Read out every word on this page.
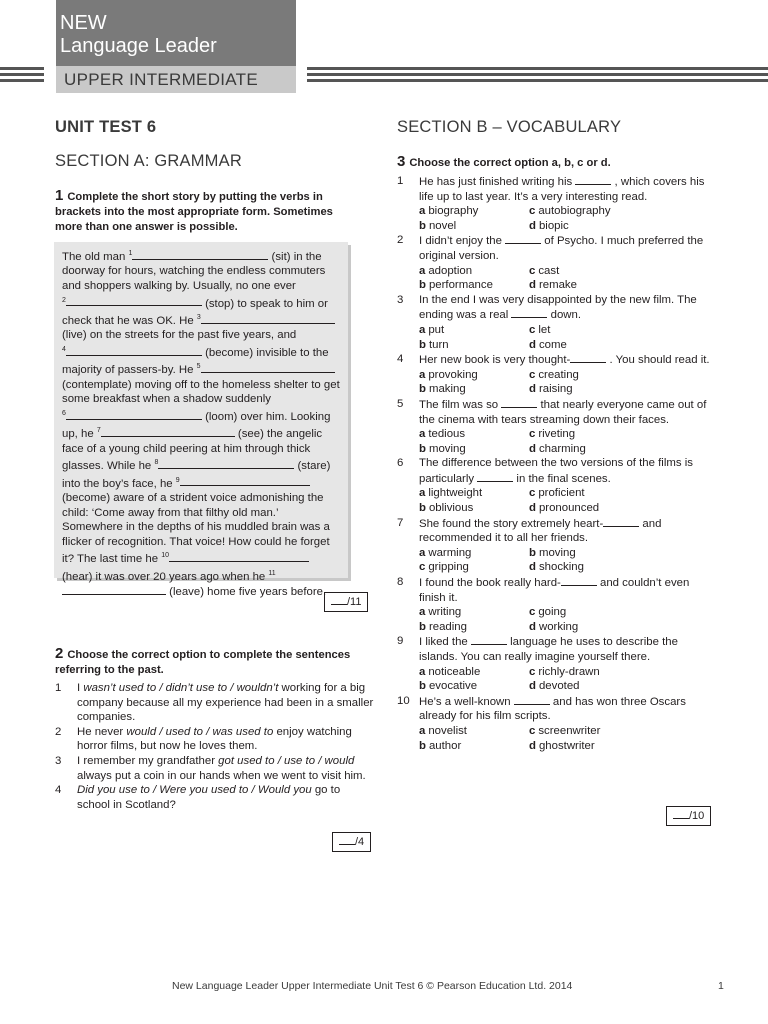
NEW
Language Leader
UPPER INTERMEDIATE
UNIT TEST 6
SECTION A: GRAMMAR
SECTION B – VOCABULARY
1 Complete the short story by putting the verbs in brackets into the most appropriate form. Sometimes more than one answer is possible.
The old man $^1$	(sit) in the doorway for hours, watching the endless commuters and shoppers walking by. Usually, no one ever
$^2$	(stop) to speak to him or check that he was OK. He $^3$ (live) on the streets for the past five years, and
$^4$	(become) invisible to the majority of passers-by. He $^5$ (contemplate) moving off to the homeless shelter to get some breakfast when a shadow suddenly
$^6$	(loom) over him. Looking up, he $^7$	(see) the angelic face of a young child peering at him through thick glasses. While he $^8$	(stare) into the boy’s face, he $^9$ (become) aware of a strident voice admonishing the child: ‘Come away from that filthy old man.’ Somewhere in the depths of his muddled brain was a flicker of recognition. That voice! How could he forget it? The last time he $^{10}$ (hear) it was over 20 years ago when he $^{11}$ (leave) home five years before.
/11
2 Choose the correct option to complete the sentences referring to the past.
1 I wasn’t used to / didn’t use to / wouldn’t working for a big company because all my experience had been in a smaller companies.
2 He never would / used to / was used to enjoy watching horror films, but now he loves them.
3 I remember my grandfather got used to / use to / would always put a coin in our hands when we went to visit him.
4 Did you use to / Were you used to / Would you go to school in Scotland?
/4
3 Choose the correct option a, b, c or d.
1 He has just finished writing his	, which covers his life up to last year. It’s a very interesting read.
a biography	c autobiography
b novel	d biopic
2 I didn’t enjoy the	of Psycho. I much preferred the original version.
a adoption	c cast
b performance	d remake
3 In the end I was very disappointed by the new film. The ending was a real	down.
a put	c let
b turn	d come
4 Her new book is very thought-	. You should read it.
a provoking	c creating
b making	d raising
5 The film was so	that nearly everyone came out of the cinema with tears streaming down their faces.
a tedious	c riveting
b moving	d charming
6 The difference between the two versions of the films is particularly	in the final scenes.
a lightweight	c proficient
b oblivious	d pronounced
7 She found the story extremely heart-	and recommended it to all her friends.
a warming	b moving
c gripping	d shocking
8 I found the book really hard-	and couldn’t even finish it.
a writing	c going
b reading	d working
9 I liked the	language he uses to describe the islands. You can really imagine yourself there.
a noticeable	c richly-drawn
b evocative	d devoted
10 He’s a well-known	and has won three Oscars already for his film scripts.
a novelist	c screenwriter
b author	d ghostwriter
/10
New Language Leader Upper Intermediate Unit Test 6 © Pearson Education Ltd. 2014	1
